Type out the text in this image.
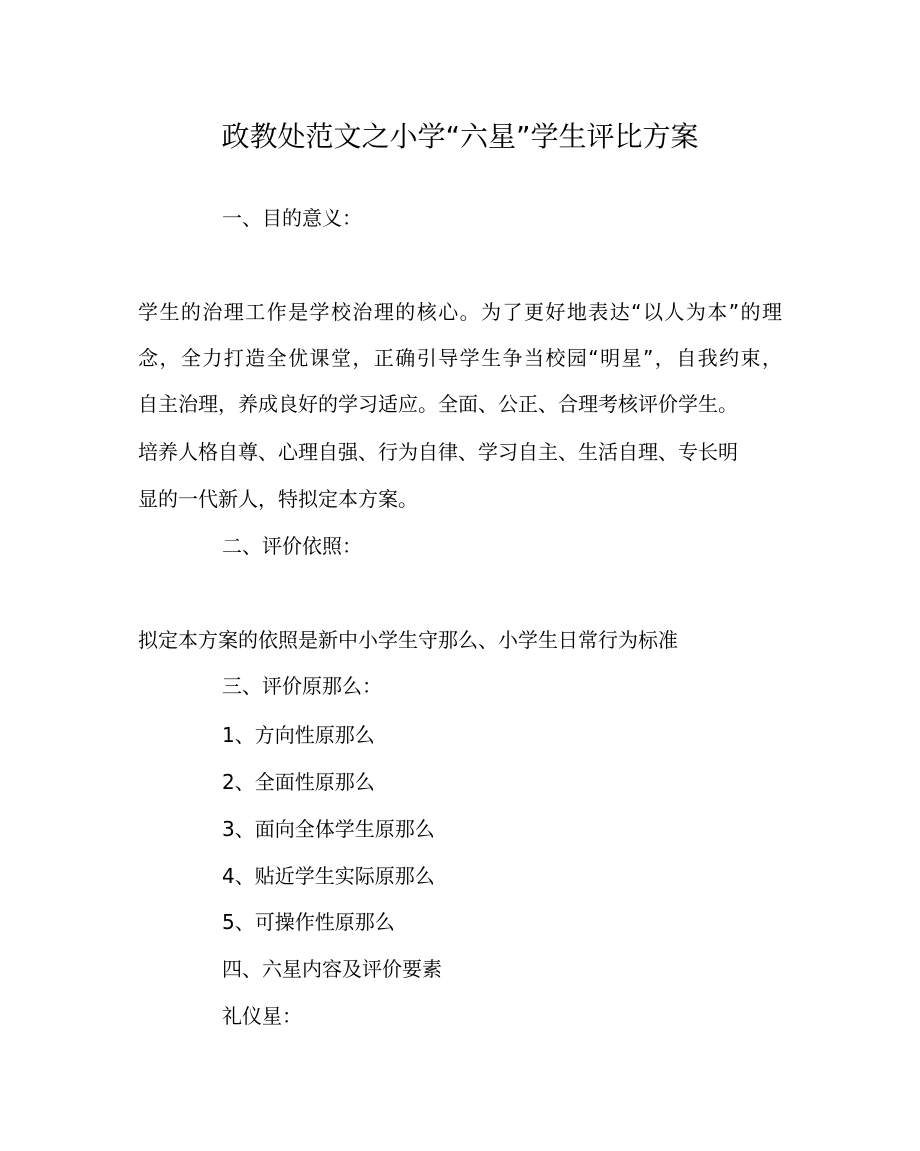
政教处范文之小学“六星”学生评比方案
一、目的意义：
学生的治理工作是学校治理的核心。为了更好地表达“以人为本”的理
念，全力打造全优课堂，正确引导学生争当校园“明星”，自我约束，
自主治理，养成良好的学习适应。全面、公正、合理考核评价学生。
培养人格自尊、心理自强、行为自律、学习自主、生活自理、专长明
显的一代新人，特拟定本方案。
二、评价依照：
拟定本方案的依照是新中小学生守那么、小学生日常行为标准
三、评价原那么：
1、方向性原那么
2、全面性原那么
3、面向全体学生原那么
4、贴近学生实际原那么
5、可操作性原那么
四、六星内容及评价要素
礼仪星：
